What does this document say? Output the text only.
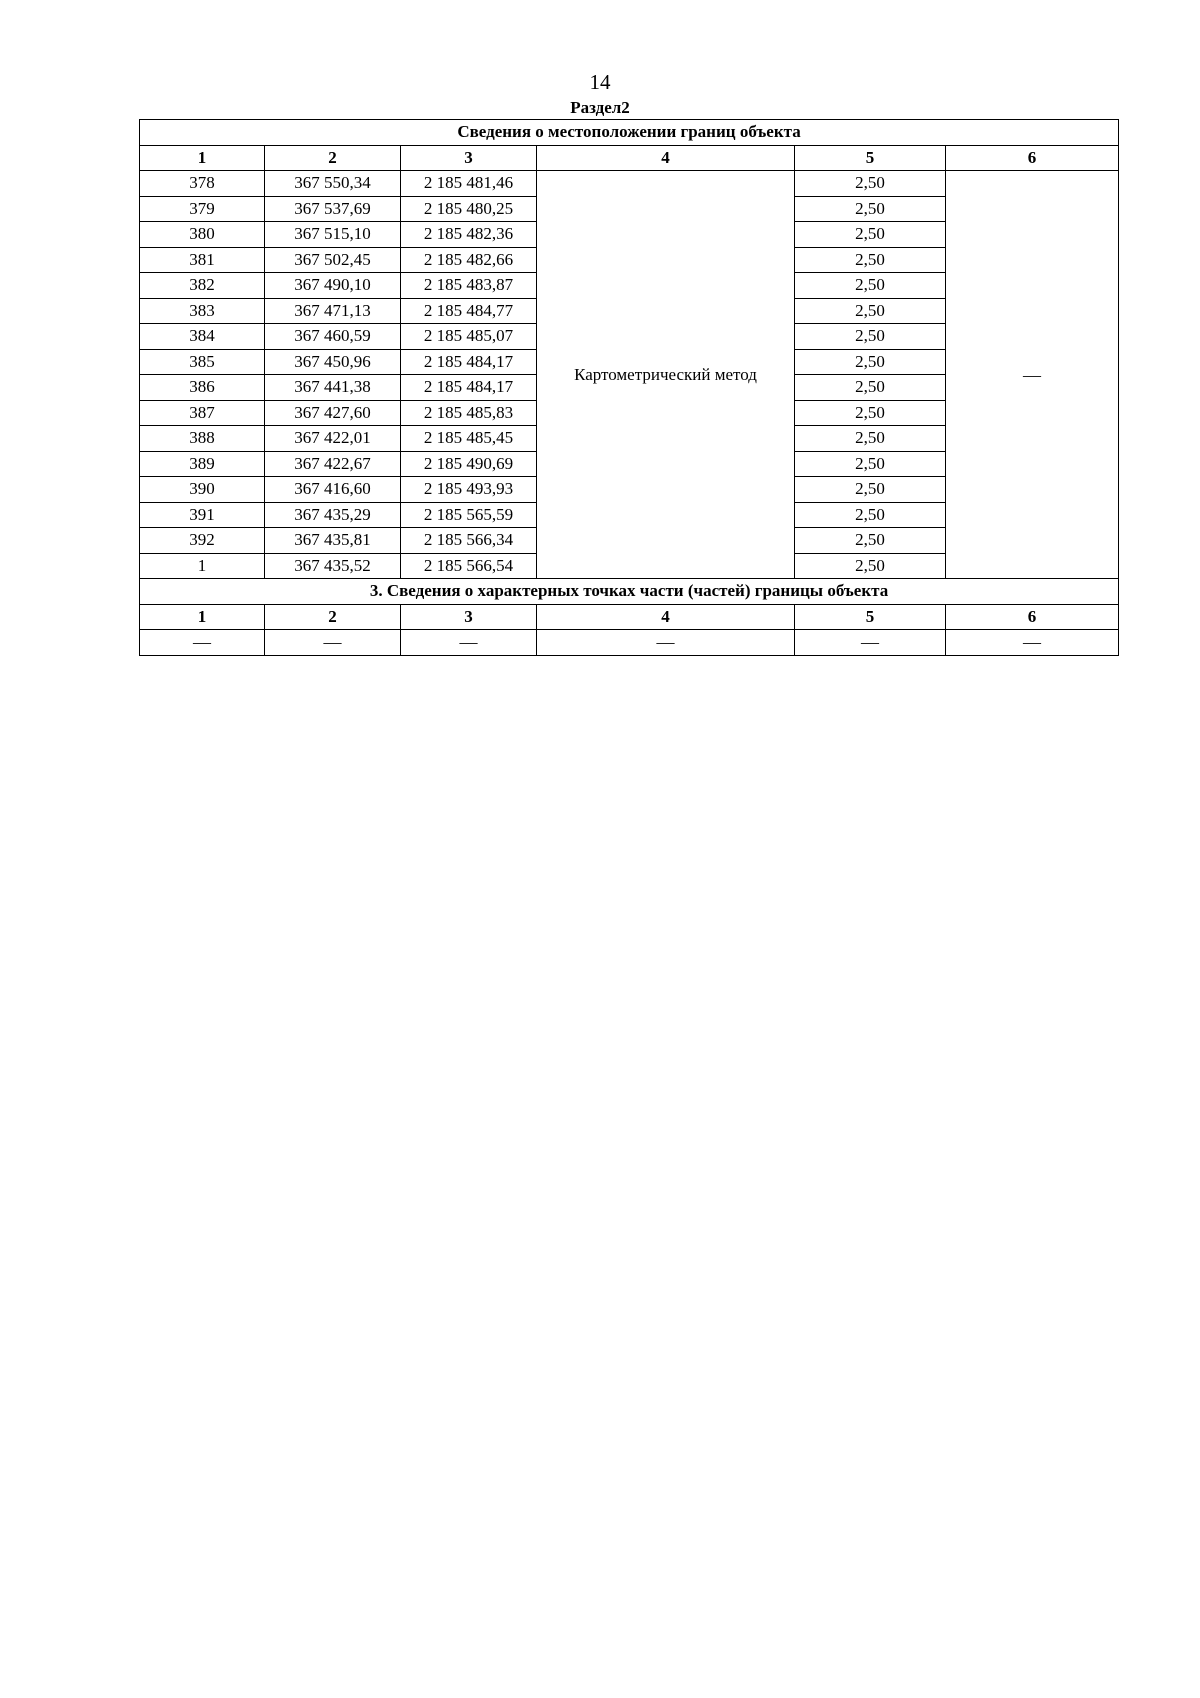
14
Раздел2
Сведения о местоположении границ объекта					
1	2	3	4	5	6
378	367 550,34	2 185 481,46	Картометрический метод	2,50	—
379	367 537,69	2 185 480,25		2,50	
380	367 515,10	2 185 482,36		2,50	
381	367 502,45	2 185 482,66		2,50	
382	367 490,10	2 185 483,87		2,50	
383	367 471,13	2 185 484,77		2,50	
384	367 460,59	2 185 485,07		2,50	
385	367 450,96	2 185 484,17		2,50	
386	367 441,38	2 185 484,17		2,50	
387	367 427,60	2 185 485,83		2,50	
388	367 422,01	2 185 485,45		2,50	
389	367 422,67	2 185 490,69		2,50	
390	367 416,60	2 185 493,93		2,50	
391	367 435,29	2 185 565,59		2,50	
392	367 435,81	2 185 566,34		2,50	
1	367 435,52	2 185 566,54		2,50	
3. Сведения о характерных точках части (частей) границы объекта					
1	2	3	4	5	6
—	—	—	—	—	—
